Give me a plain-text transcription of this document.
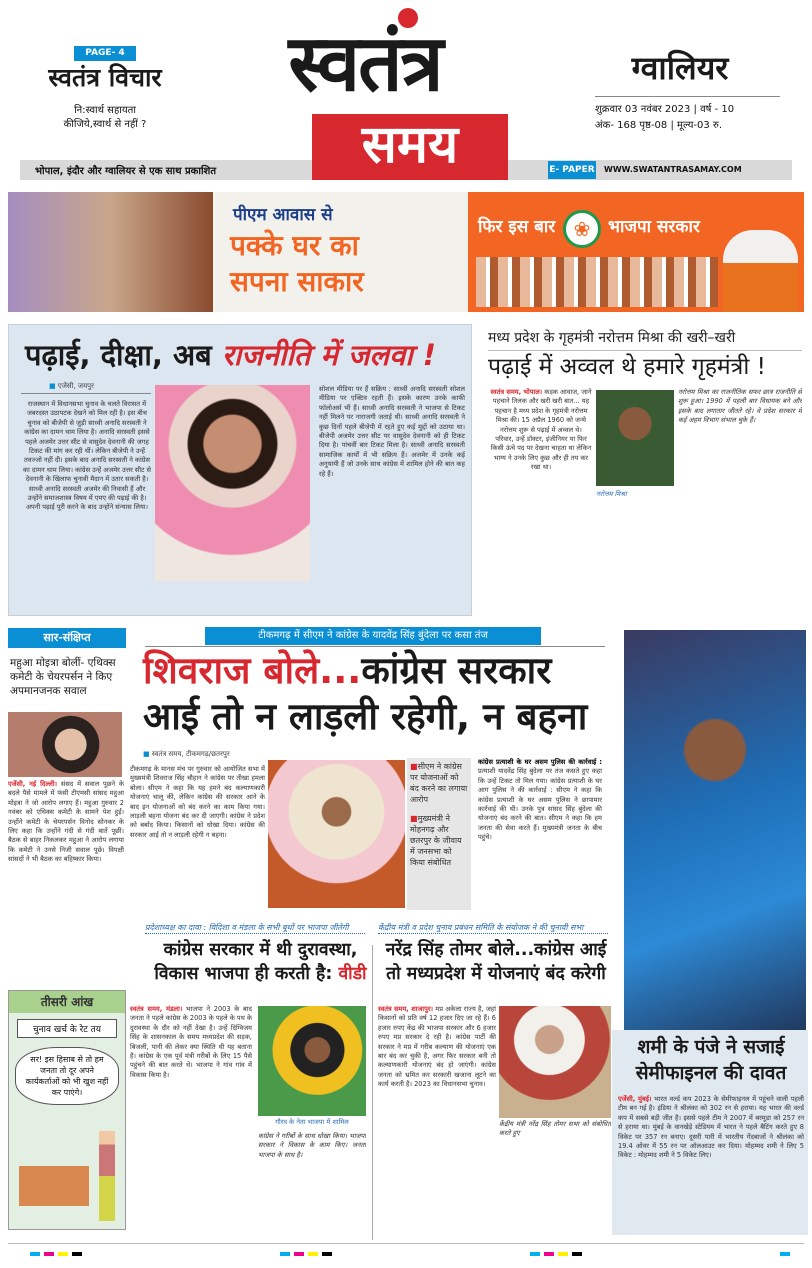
PAGE- 4
स्वतंत्र विचार
नि:स्वार्थ सहायता
कीजिये,स्वार्थ से नहीं ?
भोपाल, इंदौर और ग्वालियर से एक साथ प्रकाशित	E- PAPER WWW.SWATANTRASAMAY.COM
स्वतंत्र
समय
ग्वालियर
शुक्रवार 03 नवंबर 2023 | वर्ष - 10
अंक- 168 पृष्ठ-08 | मूल्य-03 रु.
पीएम आवास से
पक्के घर का
सपना साकार
फिर इस बार ❀	भाजपा सरकार
पढ़ाई, दीक्षा, अब राजनीति में जलवा !
■ एजेंसी, जयपुर
राजस्थान में विधानसभा चुनाव के चलते विरासत में जबरदस्त उठापटक देखने को मिल रही है। इस बीच चुनाव को बीजेपी से जुड़ी साध्वी अनादि सरस्वती ने कांग्रेस का दामन थाम लिया है। अनादि सरस्वती इससे पहले अजमेर उत्तर सीट से वासुदेव देवनानी की जगह टिकट की मांग कर रही थीं। लेकिन बीजेपी ने उन्हें तवज्जो नहीं दी। इसके बाद अनादि सरस्वती ने कांग्रेस का दामन थाम लिया। कांग्रेस उन्हें अजमेर उत्तर सीट से देवनानी के खिलाफ चुनावी मैदान में उतार सकती है। साध्वी अनादि सरस्वती अजमेर की निवासी हैं और उन्होंने समाजशास्त्र विषय में एमए की पढ़ाई की है। अपनी पढ़ाई पूरी करने के बाद उन्होंने संन्यास लिया।
सोशल मीडिया पर हैं सक्रिय : साध्वी अनादि सरस्वती सोशल मीडिया पर एक्टिव रहती हैं। इसके कारण उनके काफी फॉलोअर्स भी हैं। साध्वी अनादि सरस्वती ने भाजपा से टिकट नहीं मिलने पर नाराजगी जताई थी। साध्वी अनादि सरस्वती ने कुछ दिनों पहले बीजेपी में रहते हुए कई मुद्दों को उठाया था। बीजेपी अजमेर उत्तर सीट पर वासुदेव देवनानी को ही टिकट दिया है। पांचवीं बार टिकट मिला है। साध्वी अनादि सरस्वती सामाजिक कार्यों में भी सक्रिय हैं। अजमेर में उनके कई अनुयायी हैं जो उनके साथ कांग्रेस में शामिल होने की बात कह रहे हैं।
मध्य प्रदेश के गृहमंत्री नरोत्तम मिश्रा की खरी–खरी
पढ़ाई में अव्वल थे हमारे गृहमंत्री !
स्वतंत्र समय, भोपाल। कड़क आवाज, जाने पहचाने तिलक और खरी खरी बात... यह पहचान है मध्य प्रदेश के गृहमंत्री नरोत्तम मिश्रा की। 15 अप्रैल 1960 को जन्मे नरोत्तम शुरू से पढ़ाई में अव्वल थे। परिवार, उन्हें डॉक्टर, इंजीनियर या फिर किसी ऊंचे पद पर देखना चाहता था लेकिन भाग्य ने उनके लिए कुछ और ही तय कर रखा था।
नरोत्तम मिश्रा
नरोत्तम मिश्रा का राजनीतिक सफर छात्र राजनीति से शुरू हुआ। 1990 में पहली बार विधायक बने और इसके बाद लगातार जीतते रहे। वे प्रदेश सरकार में कई अहम विभाग संभाल चुके हैं।
सार-संक्षिप्त
महुआ मोइत्रा बोलीं- एथिक्स कमेटी के चेयरपर्सन ने किए अपमानजनक सवाल
एजेंसी, नई दिल्ली। संसद में सवाल पूछने के बदले पैसे मामले में फंसी टीएमसी सांसद महुआ मोइत्रा ने जो आरोप लगाए हैं। महुआ गुरुवार 2 नवंबर को एथिक्स कमेटी के सामने पेश हुईं। उन्होंने कमेटी के चेयरपर्सन विनोद सोनकर के लिए कहा कि उन्होंने गंदी से गंदी बातें पूछीं। बैठक से बाहर निकलकर महुआ ने आरोप लगाया कि कमेटी ने उनसे निजी सवाल पूछे। विपक्षी सांसदों ने भी बैठक का बहिष्कार किया।
तीसरी आंख
चुनाव खर्च के रेट तय
सर! इस हिसाब से तो हम जनता तो दूर अपने कार्यकर्ताओं को भी खुश नहीं कर पाएंगे।
टीकमगढ़ में सीएम ने कांग्रेस के यादवेंद्र सिंह बुंदेला पर कसा तंज
शिवराज बोले...कांग्रेस सरकार
आई तो न लाड़ली रहेगी, न बहना
■ स्वतंत्र समय, टीकमगढ़/छतरपुर
टीकमगढ़ के मानस मंच पर गुरुवार को आयोजित सभा में मुख्यमंत्री शिवराज सिंह चौहान ने कांग्रेस पर तीखा हमला बोला। सीएम ने कहा कि यह हमने बंद कल्याणकारी योजनाएं चालू कीं, लेकिन कांग्रेस की सरकार आने के बाद इन योजनाओं को बंद करने का काम किया गया। लाड़ली बहना योजना बंद कर दी जाएगी। कांग्रेस ने प्रदेश को बर्बाद किया। किसानों को धोखा दिया। कांग्रेस की सरकार आई तो न लाड़ली रहेगी न बहना।
■सीएम ने कांग्रेस पर योजनाओं को बंद करने का लगाया आरोप
■मुख्यमंत्री ने मोहनगढ़ और छतरपुर के जीवाय में जनसभा को किया संबोधित
कांग्रेस प्रत्याशी के घर असम पुलिस की कार्रवाई : प्रत्याशी यादवेंद्र सिंह बुंदेला पर तंज कसते हुए कहा कि उन्हें टिकट तो मिल गया। कांग्रेस प्रत्याशी के घर आग पुलिस ने की कार्रवाई : सीएम ने कहा कि कांग्रेस प्रत्याशी के घर असम पुलिस ने छापामार कार्रवाई की थी। उनके पुत्र सांसद सिंह बुंदेला की योजनाएं बंद करने की बात। सीएम ने कहा कि हम जनता की सेवा करते हैं। मुख्यमंत्री जनता के बीच पहुंचे।
शमी के पंजे ने सजाई सेमीफाइनल की दावत
एजेंसी, मुंबई। भारत वर्ल्ड कप 2023 के सेमीफाइनल में पहुंचने वाली पहली टीम बन गई है। इंडिया ने श्रीलंका को 302 रन से हराया। यह भारत की वर्ल्ड कप में सबसे बड़ी जीत है। इससे पहले टीम ने 2007 में बरमूडा को 257 रन से हराया था। मुंबई के वानखेड़े स्टेडियम में भारत ने पहले बैटिंग करते हुए 8 विकेट पर 357 रन बनाए। दूसरी पारी में भारतीय गेंदबाजों ने श्रीलंका को 19.4 ओवर में 55 रन पर ऑलआउट कर दिया। मोहम्मद शमी ने लिए 5 विकेट : मोहम्मद शमी ने 5 विकेट लिए।
प्रदेशाध्यक्ष का दावा : विदिशा व मंडला के सभी बूथों पर भाजपा जीतेगी
कांग्रेस सरकार में थी दुरावस्था,
विकास भाजपा ही करती है: वीडी
स्वतंत्र समय, मंडला। भाजपा ने 2003 के बाद जनता ने पहले कांग्रेस के 2003 के पहले के पथ के दुरावस्था के दौर को नहीं देखा है। उन्हें दिग्विजय सिंह के शासनकाल के समय मध्यप्रदेश की सड़क, बिजली, पानी की लेकर क्या स्थिति थी यह बताना है। कांग्रेस के एक पूर्व मंत्री गरीबों के लिए 15 पैसे पहुंचने की बात करते थे। भाजपा ने गांव गांव में विकास किया है।
गौरव के नेता भाजपा में शामिल
कांग्रेस ने गरीबों के साथ धोखा किया। भाजपा सरकार ने विकास के काम किए। जनता भाजपा के साथ है।
केंद्रीय मंत्री व प्रदेश चुनाव प्रबंधन समिति के संयोजक ने की चुनावी सभा
नरेंद्र सिंह तोमर बोले...कांग्रेस आई
तो मध्यप्रदेश में योजनाएं बंद करेगी
स्वतंत्र समय, शाजापुर। मप्र अकेला राज्य है, जहां किसानों को प्रति वर्ष 12 हजार दिए जा रहे हैं। 6 हजार रुपए केंद्र की भाजपा सरकार और 6 हजार रुपए मप्र सरकार दे रही है। कांग्रेस पार्टी की सरकार ने मप्र में गरीब कल्याण की योजनाएं एक बार बंद कर चुकी है, अगर फिर सरकार बनी तो कल्याणकारी योजनाएं बंद हो जाएंगी। कांग्रेस जनता को भ्रमित कर सरकारी खजाना लूटने का कार्य करती है। 2023 का विधानसभा चुनाव।
केंद्रीय मंत्री नरेंद्र सिंह तोमर सभा को संबोधित करते हुए
